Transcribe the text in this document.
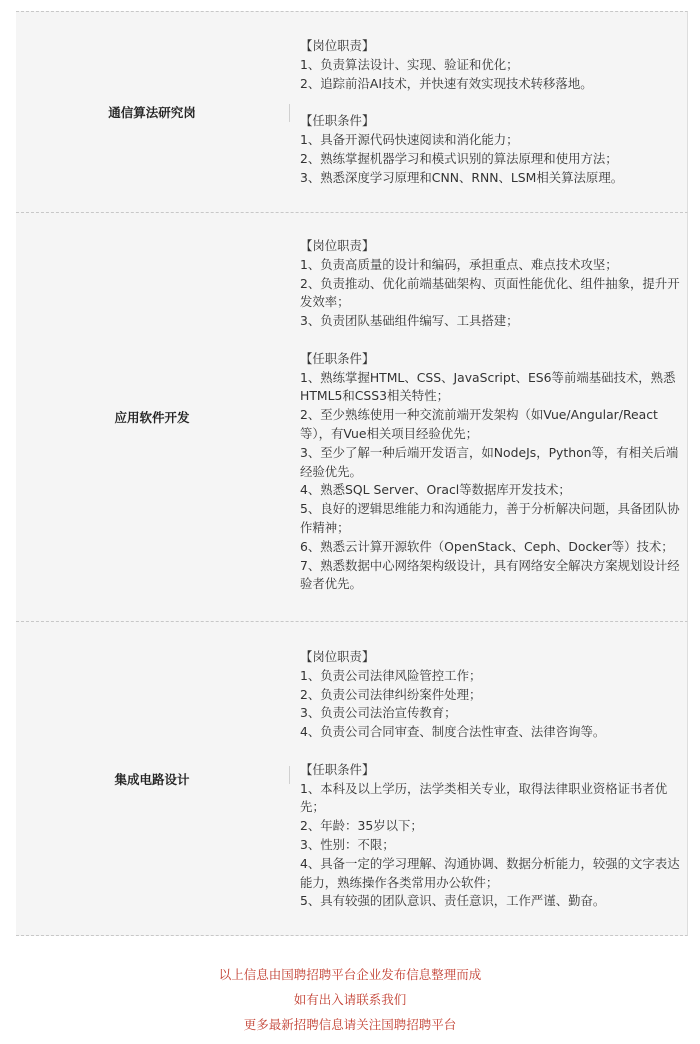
通信算法研究岗

【岗位职责】

1、负责算法设计、实现、验证和优化；

2、追踪前沿AI技术，并快速有效实现技术转移落地。

【任职条件】

1、具备开源代码快速阅读和消化能力；

2、熟练掌握机器学习和模式识别的算法原理和使用方法；

3、熟悉深度学习原理和CNN、RNN、LSM相关算法原理。

应用软件开发

【岗位职责】

1、负责高质量的设计和编码，承担重点、难点技术攻坚；

2、负责推动、优化前端基础架构、页面性能优化、组件抽象，提升开

发效率；

3、负责团队基础组件编写、工具搭建；

【任职条件】

1、熟练掌握HTML、CSS、JavaScript、ES6等前端基础技术，熟悉

HTML5和CSS3相关特性；

2、至少熟练使用一种交流前端开发架构（如Vue/Angular/React

等），有Vue相关项目经验优先；

3、至少了解一种后端开发语言，如NodeJs，Python等，有相关后端

经验优先。

4、熟悉SQL Server、Oracl等数据库开发技术；

5、良好的逻辑思维能力和沟通能力，善于分析解决问题，具备团队协

作精神；

6、熟悉云计算开源软件（OpenStack、Ceph、Docker等）技术；

7、熟悉数据中心网络架构级设计，具有网络安全解决方案规划设计经

验者优先。

集成电路设计

【岗位职责】

1、负责公司法律风险管控工作；

2、负责公司法律纠纷案件处理；

3、负责公司法治宣传教育；

4、负责公司合同审查、制度合法性审查、法律咨询等。

【任职条件】

1、本科及以上学历，法学类相关专业，取得法律职业资格证书者优

先；

2、年龄：35岁以下；

3、性别：不限；

4、具备一定的学习理解、沟通协调、数据分析能力，较强的文字表达

能力，熟练操作各类常用办公软件；

5、具有较强的团队意识、责任意识，工作严谨、勤奋。

以上信息由国聘招聘平台企业发布信息整理而成

如有出入请联系我们

更多最新招聘信息请关注国聘招聘平台
